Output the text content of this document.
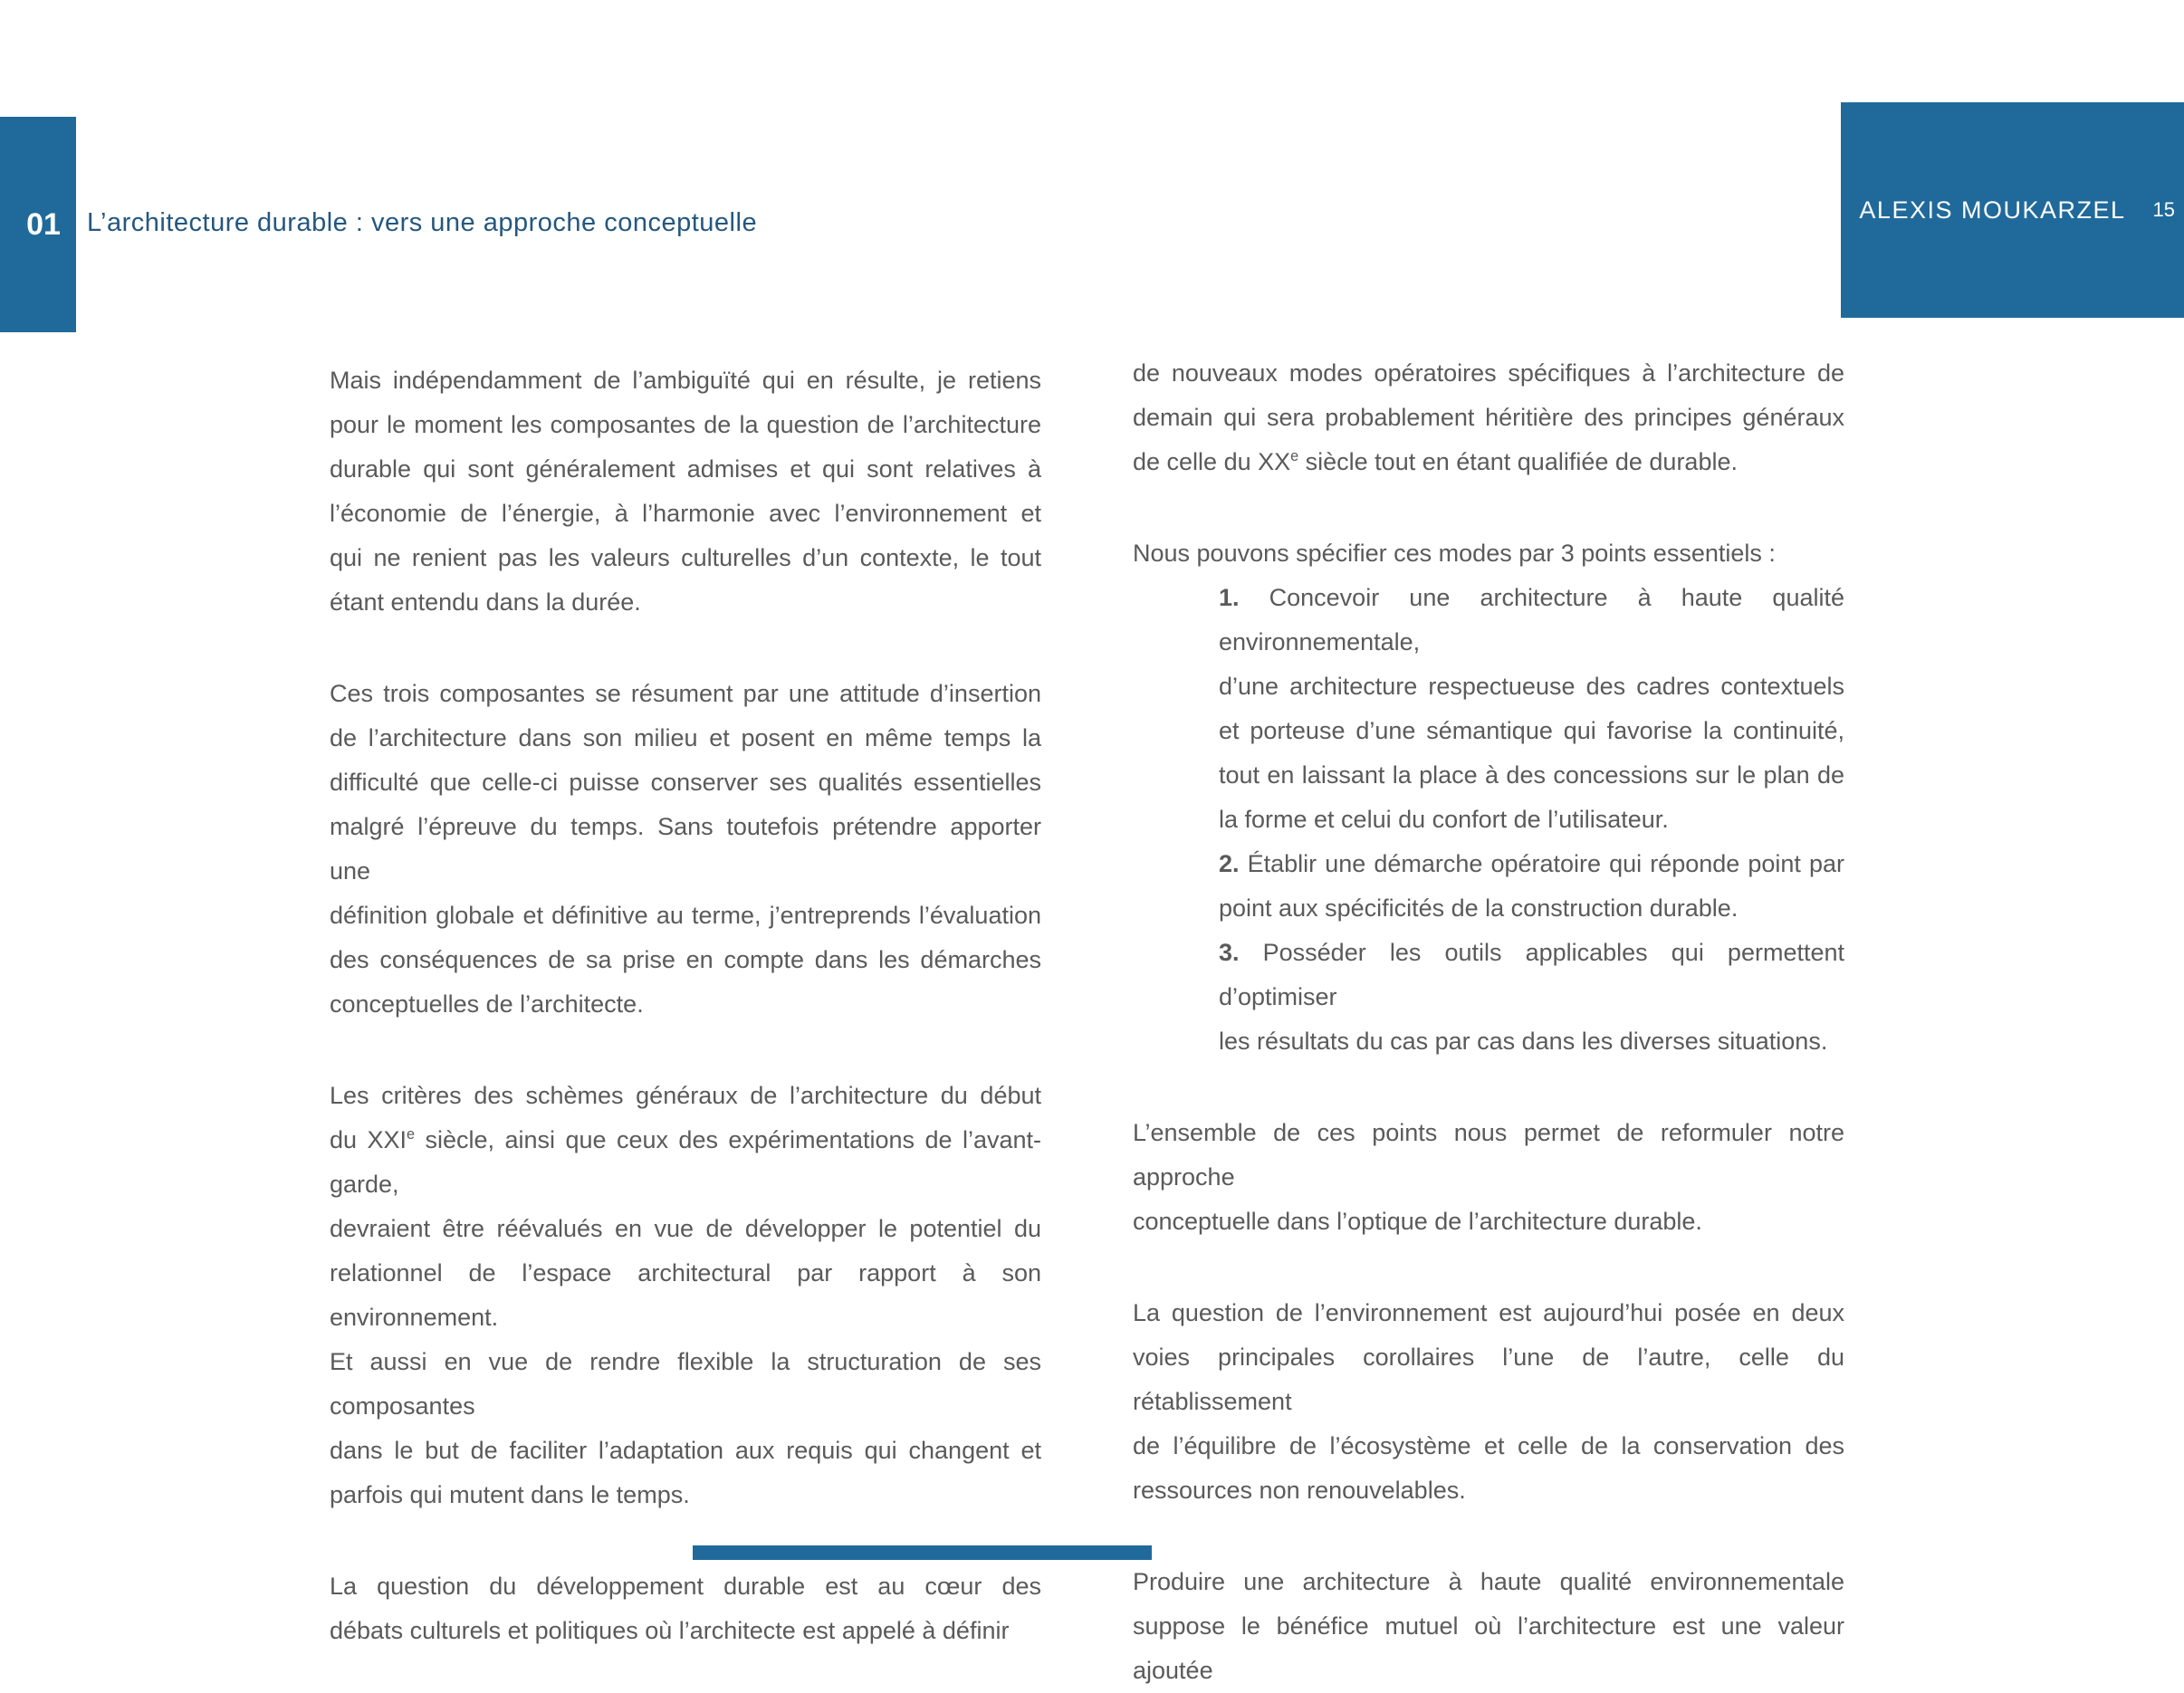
01 L’architecture durable : vers une approche conceptuelle	ALEXIS MOUKARZEL 15
Mais indépendamment de l’ambiguïté qui en résulte, je retiens
pour le moment les composantes de la question de l’architecture
durable qui sont généralement admises et qui sont relatives à
l’économie de l’énergie, à l’harmonie avec l’environnement et
qui ne renient pas les valeurs culturelles d’un contexte, le tout
étant entendu dans la durée.
Ces trois composantes se résument par une attitude d’insertion
de l’architecture dans son milieu et posent en même temps la
difficulté que celle-ci puisse conserver ses qualités essentielles
malgré l’épreuve du temps. Sans toutefois prétendre apporter une
définition globale et définitive au terme, j’entreprends l’évaluation
des conséquences de sa prise en compte dans les démarches
conceptuelles de l’architecte.
Les critères des schèmes généraux de l’architecture du début
du XXIe siècle, ainsi que ceux des expérimentations de l’avant-garde,
devraient être réévalués en vue de développer le potentiel du
relationnel de l’espace architectural par rapport à son environnement.
Et aussi en vue de rendre flexible la structuration de ses composantes
dans le but de faciliter l’adaptation aux requis qui changent et
parfois qui mutent dans le temps.
La question du développement durable est au cœur des
débats culturels et politiques où l’architecte est appelé à définir
de nouveaux modes opératoires spécifiques à l’architecture de
demain qui sera probablement héritière des principes généraux
de celle du XXe siècle tout en étant qualifiée de durable.
Nous pouvons spécifier ces modes par 3 points essentiels :
1. Concevoir une architecture à haute qualité environnementale,
d’une architecture respectueuse des cadres contextuels
et porteuse d’une sémantique qui favorise la continuité,
tout en laissant la place à des concessions sur le plan de
la forme et celui du confort de l’utilisateur.
2. Établir une démarche opératoire qui réponde point par
point aux spécificités de la construction durable.
3. Posséder les outils applicables qui permettent d’optimiser
les résultats du cas par cas dans les diverses situations.
L’ensemble de ces points nous permet de reformuler notre approche
conceptuelle dans l’optique de l’architecture durable.
La question de l’environnement est aujourd’hui posée en deux
voies principales corollaires l’une de l’autre, celle du rétablissement
de l’équilibre de l’écosystème et celle de la conservation des
ressources non renouvelables.
Produire une architecture à haute qualité environnementale
suppose le bénéfice mutuel où l’architecture est une valeur ajoutée
